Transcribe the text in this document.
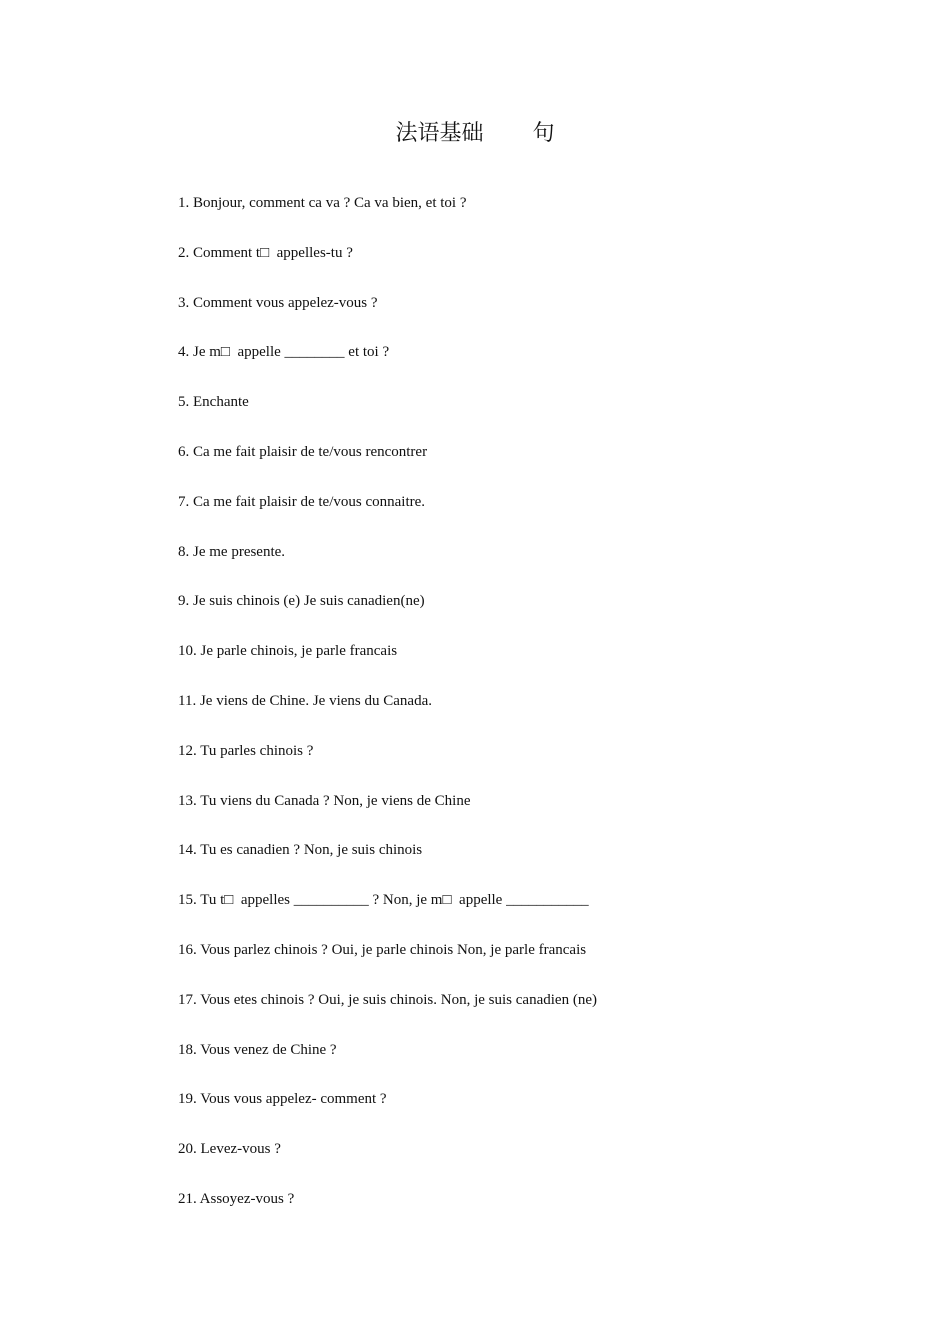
法语基础       句
1. Bonjour, comment ca va ? Ca va bien, et toi ?
2. Comment t□  appelles-tu ?
3. Comment vous appelez-vous ?
4. Je m□  appelle ________ et toi ?
5. Enchante
6. Ca me fait plaisir de te/vous rencontrer
7. Ca me fait plaisir de te/vous connaitre.
8. Je me presente.
9. Je suis chinois (e) Je suis canadien(ne)
10. Je parle chinois, je parle francais
11. Je viens de Chine. Je viens du Canada.
12. Tu parles chinois ?
13. Tu viens du Canada ? Non, je viens de Chine
14. Tu es canadien ? Non, je suis chinois
15. Tu t□  appelles __________ ? Non, je m□  appelle ___________
16. Vous parlez chinois ? Oui, je parle chinois Non, je parle francais
17. Vous etes chinois ? Oui, je suis chinois. Non, je suis canadien (ne)
18. Vous venez de Chine ?
19. Vous vous appelez- comment ?
20. Levez-vous ?
21. Assoyez-vous ?
